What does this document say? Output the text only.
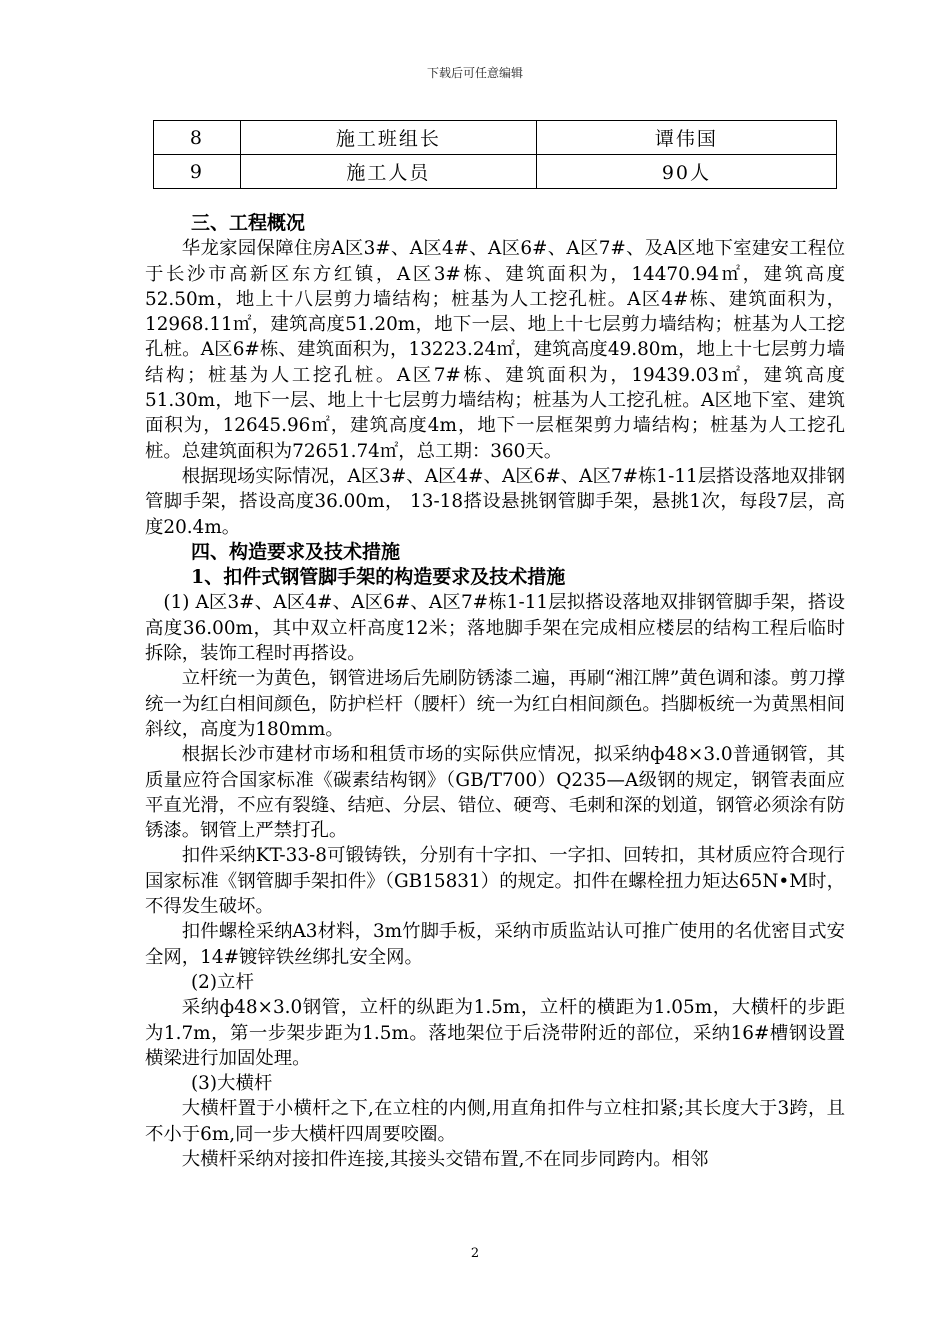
下载后可任意编辑
8	施工班组长	谭伟国
9	施工人员	90人

三、工程概况

华龙家园保障住房A区3#、A区4#、A区6#、A区7#、及A区地下室建安工程位于长沙市高新区东方红镇，A区3#栋、建筑面积为，14470.94㎡，建筑高度52.50m，地上十八层剪力墙结构；桩基为人工挖孔桩。A区4#栋、建筑面积为，12968.11㎡，建筑高度51.20m，地下一层、地上十七层剪力墙结构；桩基为人工挖孔桩。A区6#栋、建筑面积为，13223.24㎡，建筑高度49.80m，地上十七层剪力墙结构；桩基为人工挖孔桩。A区7#栋、建筑面积为，19439.03㎡，建筑高度51.30m，地下一层、地上十七层剪力墙结构；桩基为人工挖孔桩。A区地下室、建筑面积为，12645.96㎡，建筑高度4m，地下一层框架剪力墙结构；桩基为人工挖孔桩。总建筑面积为72651.74㎡，总工期：360天。

根据现场实际情况，A区3#、A区4#、A区6#、A区7#栋1-11层搭设落地双排钢管脚手架，搭设高度36.00m， 13-18搭设悬挑钢管脚手架，悬挑1次，每段7层，高度20.4m。

四、构造要求及技术措施

1、扣件式钢管脚手架的构造要求及技术措施

(1) A区3#、A区4#、A区6#、A区7#栋1-11层拟搭设落地双排钢管脚手架，搭设高度36.00m，其中双立杆高度12米；落地脚手架在完成相应楼层的结构工程后临时拆除，装饰工程时再搭设。

立杆统一为黄色，钢管进场后先刷防锈漆二遍，再刷“湘江牌”黄色调和漆。剪刀撑统一为红白相间颜色，防护栏杆（腰杆）统一为红白相间颜色。挡脚板统一为黄黑相间斜纹，高度为180mm。

根据长沙市建材市场和租赁市场的实际供应情况，拟采纳ф48×3.0普通钢管，其质量应符合国家标准《碳素结构钢》（GB/T700）Q235—A级钢的规定，钢管表面应平直光滑，不应有裂缝、结疤、分层、错位、硬弯、毛刺和深的划道，钢管必须涂有防锈漆。钢管上严禁打孔。

扣件采纳KT-33-8可锻铸铁，分别有十字扣、一字扣、回转扣，其材质应符合现行国家标准《钢管脚手架扣件》（GB15831）的规定。扣件在螺栓扭力矩达65N•M时，不得发生破坏。

扣件螺栓采纳A3材料，3m竹脚手板，采纳市质监站认可推广使用的名优密目式安全网，14#镀锌铁丝绑扎安全网。

(2)立杆

采纳ф48×3.0钢管，立杆的纵距为1.5m，立杆的横距为1.05m，大横杆的步距为1.7m，第一步架步距为1.5m。落地架位于后浇带附近的部位，采纳16#槽钢设置横梁进行加固处理。

(3)大横杆

大横杆置于小横杆之下,在立柱的内侧,用直角扣件与立柱扣紧;其长度大于3跨，且不小于6m,同一步大横杆四周要咬圈。

大横杆采纳对接扣件连接,其接头交错布置,不在同步同跨内。相邻

2
